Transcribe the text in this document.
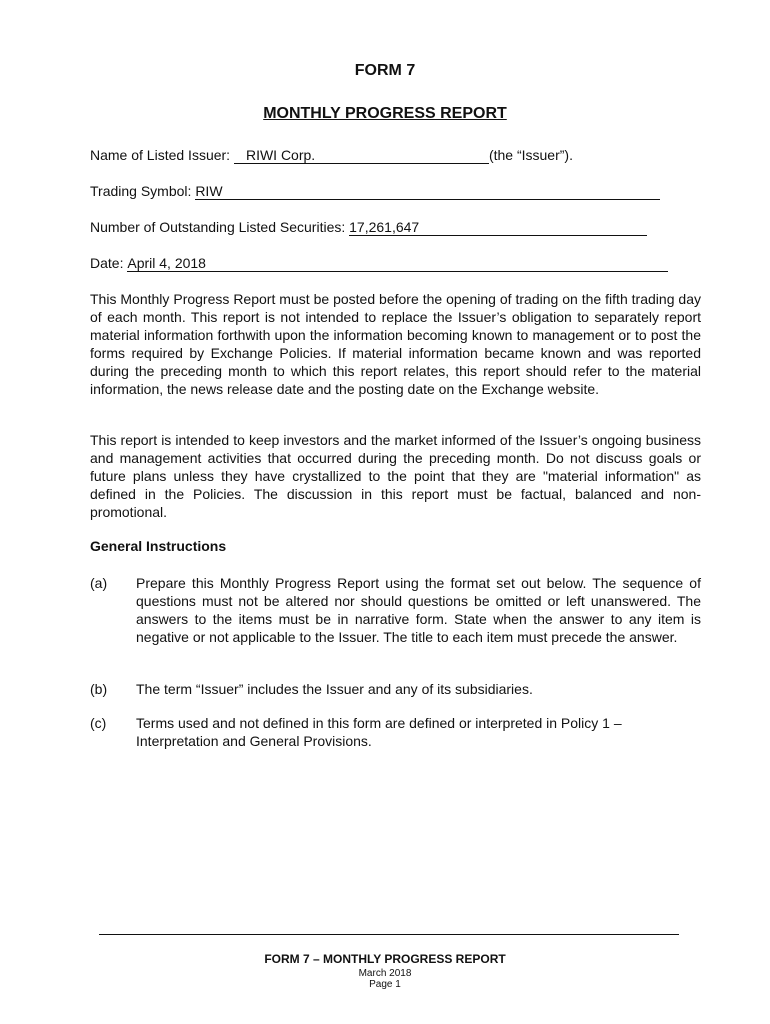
FORM 7
MONTHLY PROGRESS REPORT
Name of Listed Issuer: RIWI Corp.	(the “Issuer”).
Trading Symbol: RIW
Number of Outstanding Listed Securities: 17,261,647
Date: April 4, 2018
This Monthly Progress Report must be posted before the opening of trading on the fifth trading day of each month. This report is not intended to replace the Issuer’s obligation to separately report material information forthwith upon the information becoming known to management or to post the forms required by Exchange Policies. If material information became known and was reported during the preceding month to which this report relates, this report should refer to the material information, the news release date and the posting date on the Exchange website.
This report is intended to keep investors and the market informed of the Issuer’s ongoing business and management activities that occurred during the preceding month. Do not discuss goals or future plans unless they have crystallized to the point that they are "material information" as defined in the Policies. The discussion in this report must be factual, balanced and non-promotional.
General Instructions
(a) Prepare this Monthly Progress Report using the format set out below. The sequence of questions must not be altered nor should questions be omitted or left unanswered. The answers to the items must be in narrative form. State when the answer to any item is negative or not applicable to the Issuer. The title to each item must precede the answer.
(b) The term “Issuer” includes the Issuer and any of its subsidiaries.
(c) Terms used and not defined in this form are defined or interpreted in Policy 1 – Interpretation and General Provisions.
FORM 7 – MONTHLY PROGRESS REPORT
March 2018
Page 1
